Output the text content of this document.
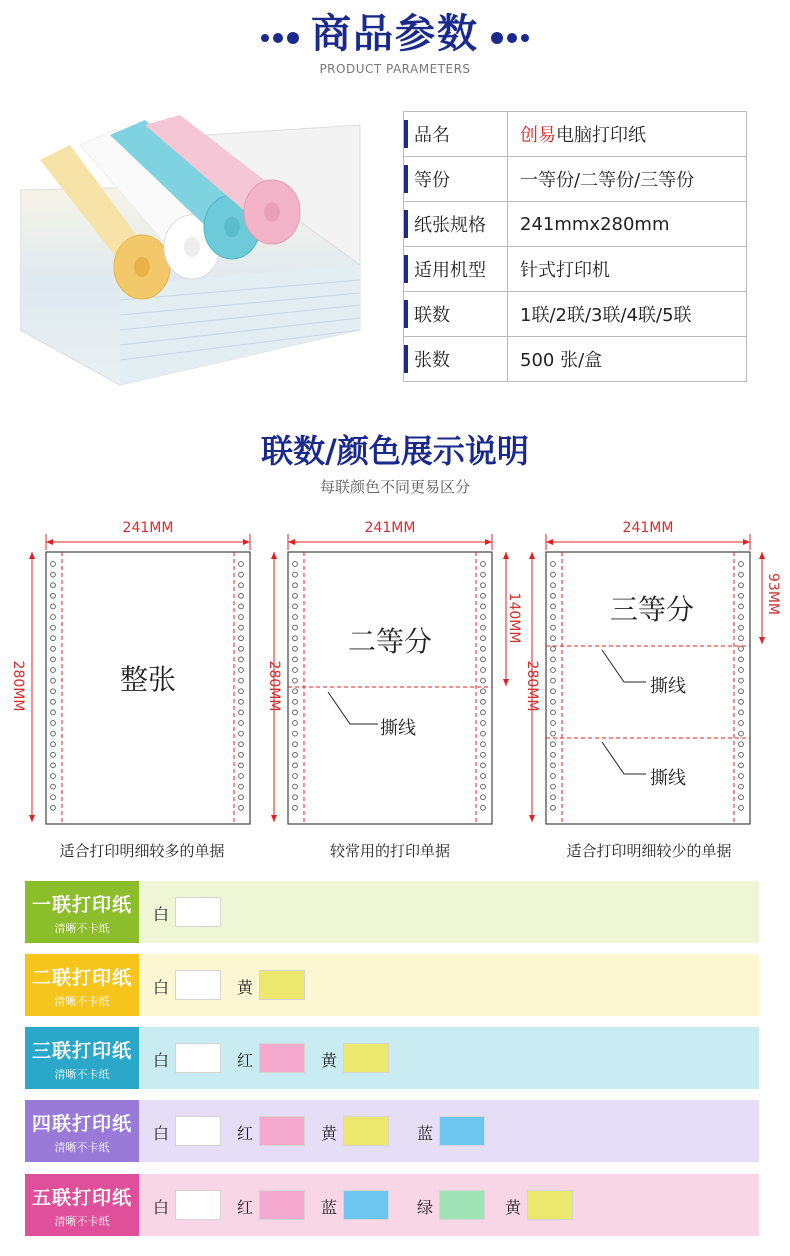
商品参数
PRODUCT PARAMETERS
品名	创易电脑打印纸
等份	一等份/二等份/三等份
纸张规格	241mmx280mm
适用机型	针式打印机
联数	1联/2联/3联/4联/5联
张数	500 张/盒
联数/颜色展示说明
每联颜色不同更易区分
241MM
280MM	整张
适合打印明细较多的单据
241MM
280MM
140MM
二等分
撕线
较常用的打印单据
241MM
280MM
93MM
三等分
撕线
撕线
适合打印明细较少的单据
一联打印纸
清晰不卡纸
白
二联打印纸
清晰不卡纸
白	黄
三联打印纸
清晰不卡纸
白	红	黄
四联打印纸
清晰不卡纸
白	红	黄	蓝
五联打印纸
清晰不卡纸
白	红	蓝	绿	黄
